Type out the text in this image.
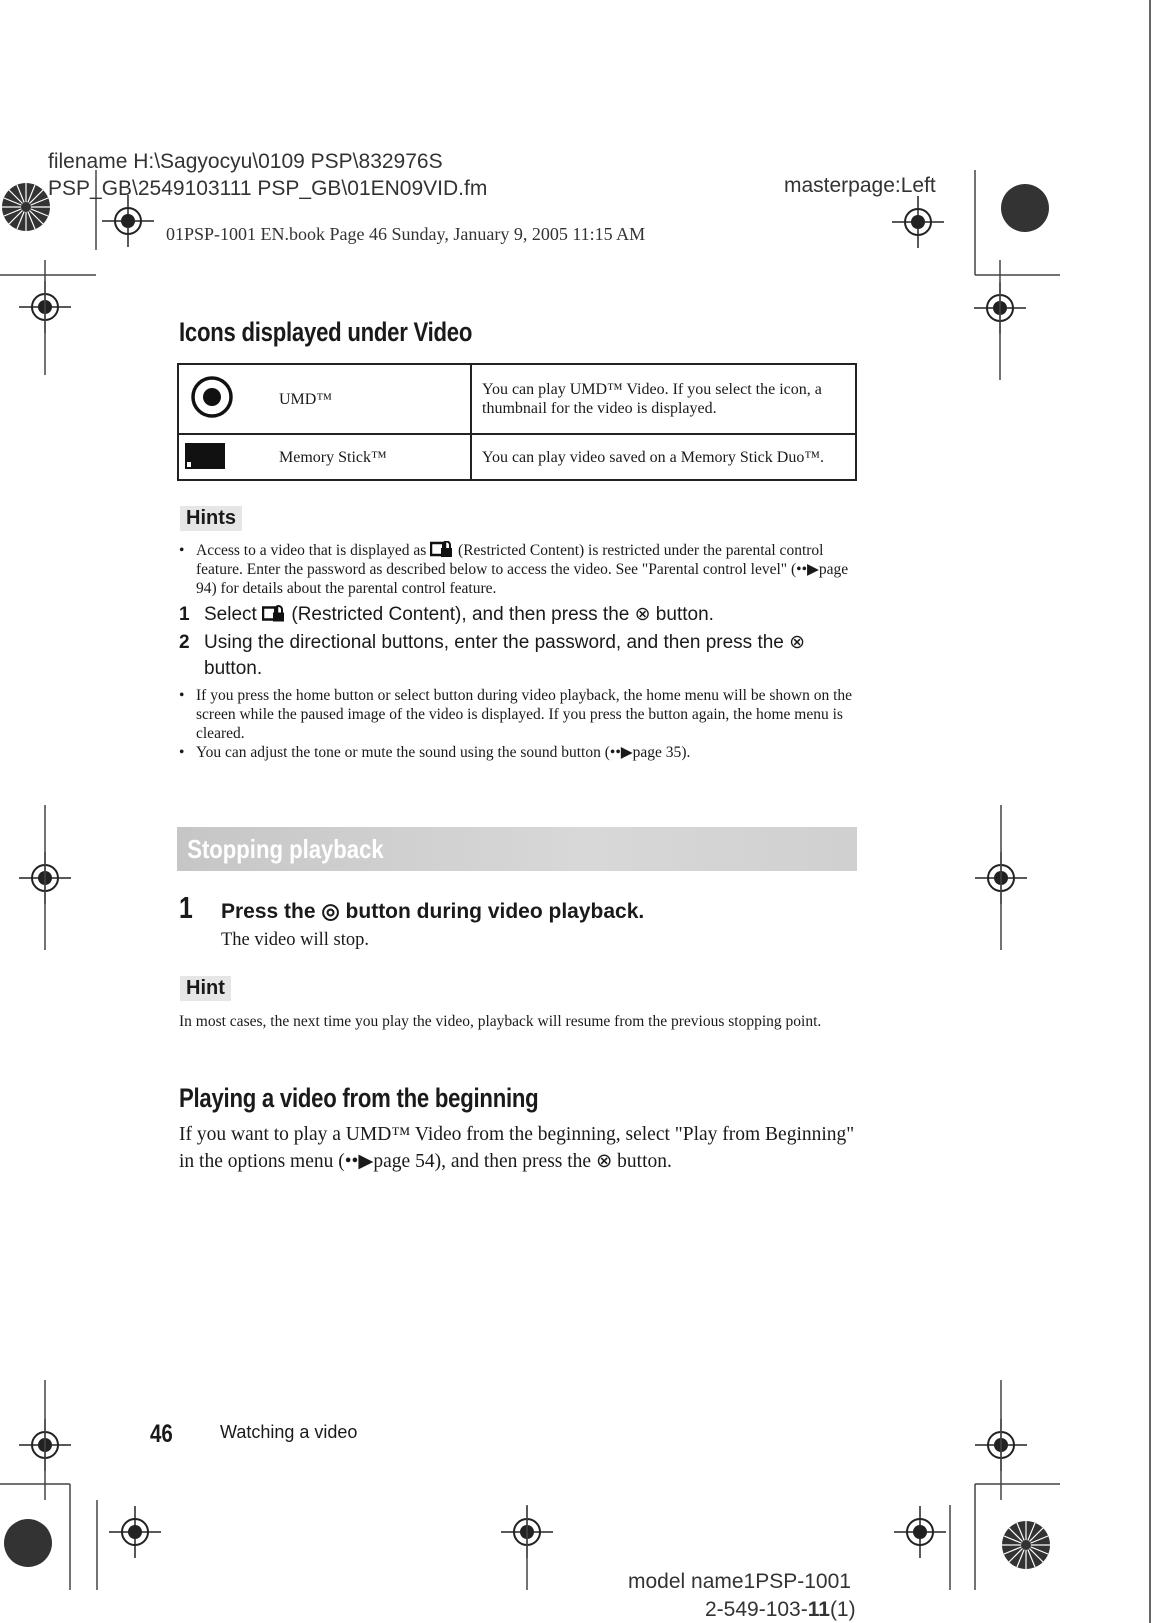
filename H:\Sagyocyu\0109 PSP\832976S
PSP_GB\2549103111 PSP_GB\01EN09VID.fm	masterpage:Left
01PSP-1001 EN.book Page 46 Sunday, January 9, 2005 11:15 AM
Icons displayed under Video
	UMD™	You can play UMD™ Video. If you select the icon, a thumbnail for the video is displayed.
	Memory Stick™	You can play video saved on a Memory Stick Duo™.
Hints
• Access to a video that is displayed as (Restricted Content) is restricted under the parental control feature. Enter the password as described below to access the video. See "Parental control level" (••▶page 94) for details about the parental control feature.
1 Select (Restricted Content), and then press the ⊗ button.
2 Using the directional buttons, enter the password, and then press the ⊗ button.
• If you press the home button or select button during video playback, the home menu will be shown on the screen while the paused image of the video is displayed. If you press the button again, the home menu is cleared.
• You can adjust the tone or mute the sound using the sound button (••▶page 35).
Stopping playback
1 Press the ◎ button during video playback.
The video will stop.
Hint
In most cases, the next time you play the video, playback will resume from the previous stopping point.
Playing a video from the beginning
If you want to play a UMD™ Video from the beginning, select "Play from Beginning" in the options menu (••▶page 54), and then press the ⊗ button.
46	Watching a video
model name1PSP-1001
2-549-103-11(1)
